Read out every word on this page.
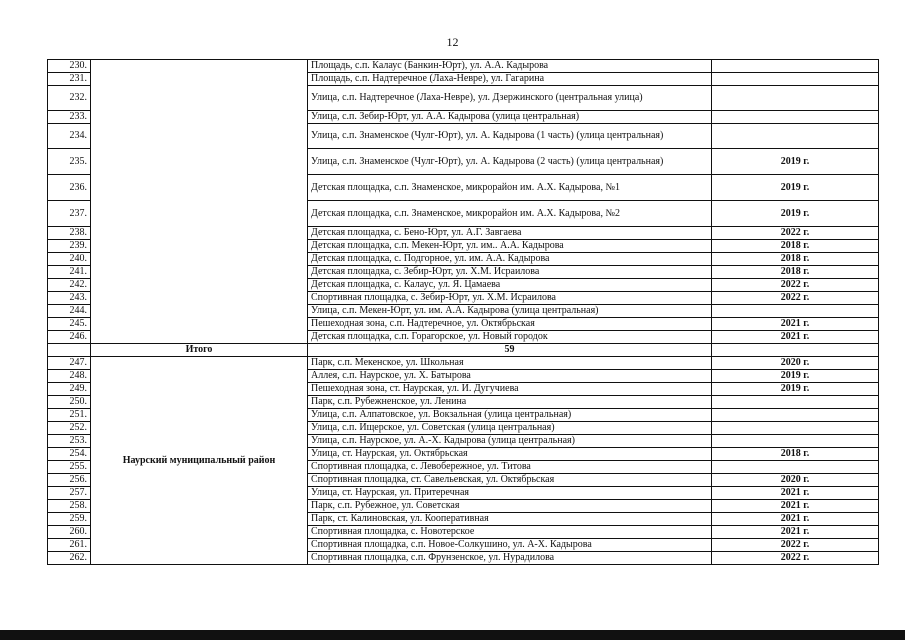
12
230.		Площадь, с.п. Калаус (Банкин-Юрт), ул. А.А. Кадырова	
231.		Площадь, с.п. Надтеречное (Лаха-Невре), ул. Гагарина	
232.		Улица, с.п. Надтеречное (Лаха-Невре), ул. Дзержинского (центральная улица)	
233.		Улица, с.п. Зебир-Юрт, ул. А.А. Кадырова (улица центральная)	
234.		Улица, с.п. Знаменское (Чулг-Юрт), ул. А. Кадырова (1 часть) (улица центральная)	
235.		Улица, с.п. Знаменское (Чулг-Юрт), ул. А. Кадырова (2 часть) (улица центральная)	2019 г.
236.		Детская площадка, с.п. Знаменское, микрорайон им. А.Х. Кадырова, №1	2019 г.
237.		Детская площадка, с.п. Знаменское, микрорайон им. А.Х. Кадырова, №2	2019 г.
238.		Детская площадка, с. Бено-Юрт, ул. А.Г. Завгаева	2022 г.
239.		Детская площадка, с.п. Мекен-Юрт, ул. им.. А.А. Кадырова	2018 г.
240.		Детская площадка, с. Подгорное, ул. им. А.А. Кадырова	2018 г.
241.		Детская площадка, с. Зебир-Юрт, ул. Х.М. Исраилова	2018 г.
242.		Детская площадка, с. Калаус, ул. Я. Цамаева	2022 г.
243.		Спортивная площадка, с. Зебир-Юрт, ул. Х.М. Исраилова	2022 г.
244.		Улица, с.п. Мекен-Юрт, ул. им. А.А. Кадырова (улица центральная)	
245.		Пешеходная зона, с.п. Надтеречное, ул. Октябрьская	2021 г.
246.		Детская площадка, с.п. Горагорское, ул. Новый городок	2021 г.
	Итого	59	
247.	Наурский муниципальный район	Парк, с.п. Мекенское, ул. Школьная	2020 г.
248.		Аллея, с.п. Наурское, ул. Х. Батырова	2019 г.
249.		Пешеходная зона, ст. Наурская, ул. И. Дугучиева	2019 г.
250.		Парк, с.п. Рубежненское, ул. Ленина	
251.		Улица, с.п. Алпатовское, ул. Вокзальная (улица центральная)	
252.		Улица, с.п. Ищерское, ул. Советская (улица центральная)	
253.		Улица, с.п. Наурское, ул. А.-Х. Кадырова (улица центральная)	
254.		Улица, ст. Наурская, ул. Октябрьская	2018 г.
255.		Спортивная площадка, с. Левобережное, ул. Титова	
256.		Спортивная площадка, ст. Савельевская, ул. Октябрьская	2020 г.
257.		Улица, ст. Наурская, ул. Притеречная	2021 г.
258.		Парк, с.п. Рубежное, ул. Советская	2021 г.
259.		Парк, ст. Калиновская, ул. Кооперативная	2021 г.
260.		Спортивная площадка, с. Новотерское	2021 г.
261.		Спортивная площадка, с.п. Новое-Солкушино, ул. А-Х. Кадырова	2022 г.
262.		Спортивная площадка, с.п. Фрунзенское, ул. Нурадилова	2022 г.
